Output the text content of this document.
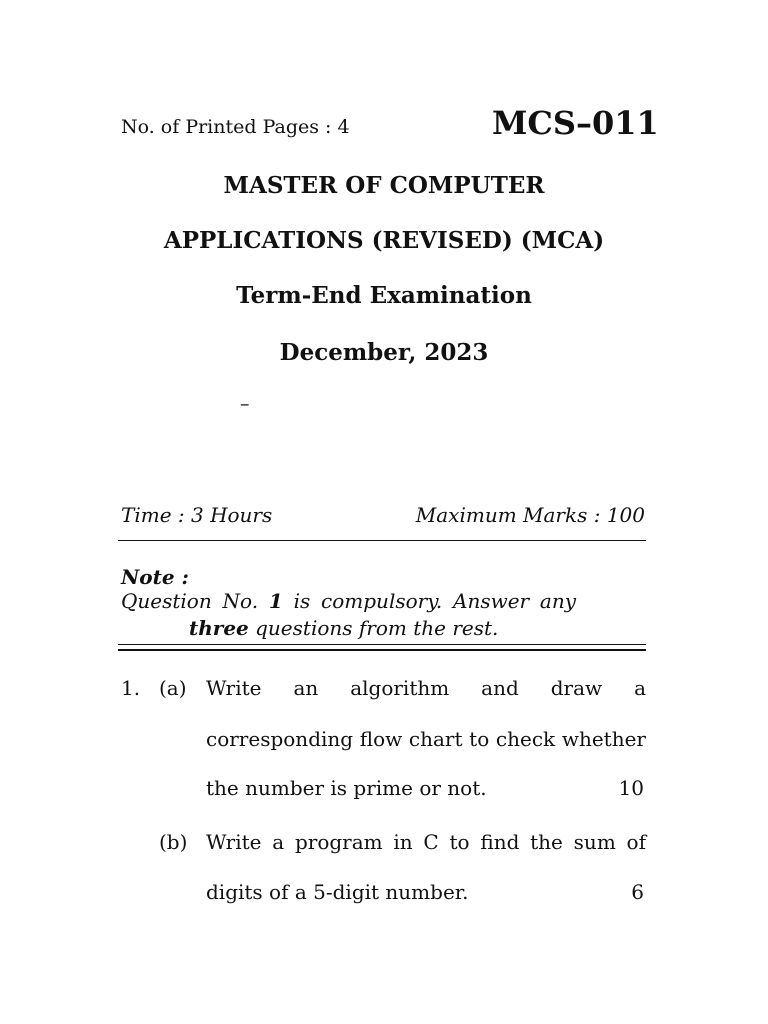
No. of Printed Pages : 4	MCS–011
MASTER OF COMPUTER
APPLICATIONS (REVISED) (MCA)
Term-End Examination
December, 2023
–
Time : 3 Hours	Maximum Marks : 100
Note : Question No. 1 is compulsory. Answer any
three questions from the rest.
1. (a) Write an algorithm and draw a
corresponding flow chart to check whether
the number is prime or not.	10
(b) Write a program in C to find the sum of
digits of a 5-digit number.	6
